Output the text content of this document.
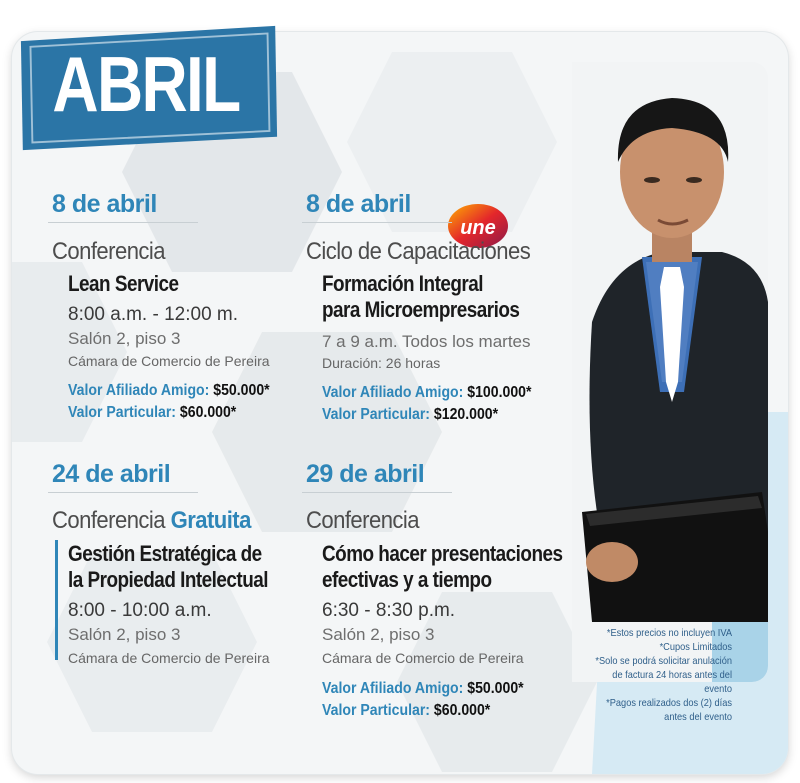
une
ABRIL
8 de abril
Conferencia
Lean Service
8:00 a.m. - 12:00 m.
Salón 2, piso 3
Cámara de Comercio de Pereira
Valor Afiliado Amigo: $50.000*
Valor Particular: $60.000*
8 de abril
Ciclo de Capacitaciones
Formación Integral
para Microempresarios
7 a 9 a.m. Todos los martes
Duración: 26 horas
Valor Afiliado Amigo: $100.000*
Valor Particular: $120.000*
24 de abril
Conferencia Gratuita
Gestión Estratégica de
la Propiedad Intelectual
8:00 - 10:00 a.m.
Salón 2, piso 3
Cámara de Comercio de Pereira
29 de abril
Conferencia
Cómo hacer presentaciones
efectivas y a tiempo
6:30 - 8:30 p.m.
Salón 2, piso 3
Cámara de Comercio de Pereira
Valor Afiliado Amigo: $50.000*
Valor Particular: $60.000*
*Estos precios no incluyen IVA
*Cupos Limitados
*Solo se podrá solicitar anulación
de factura 24 horas antes del
evento
*Pagos realizados dos (2) días
antes del evento
